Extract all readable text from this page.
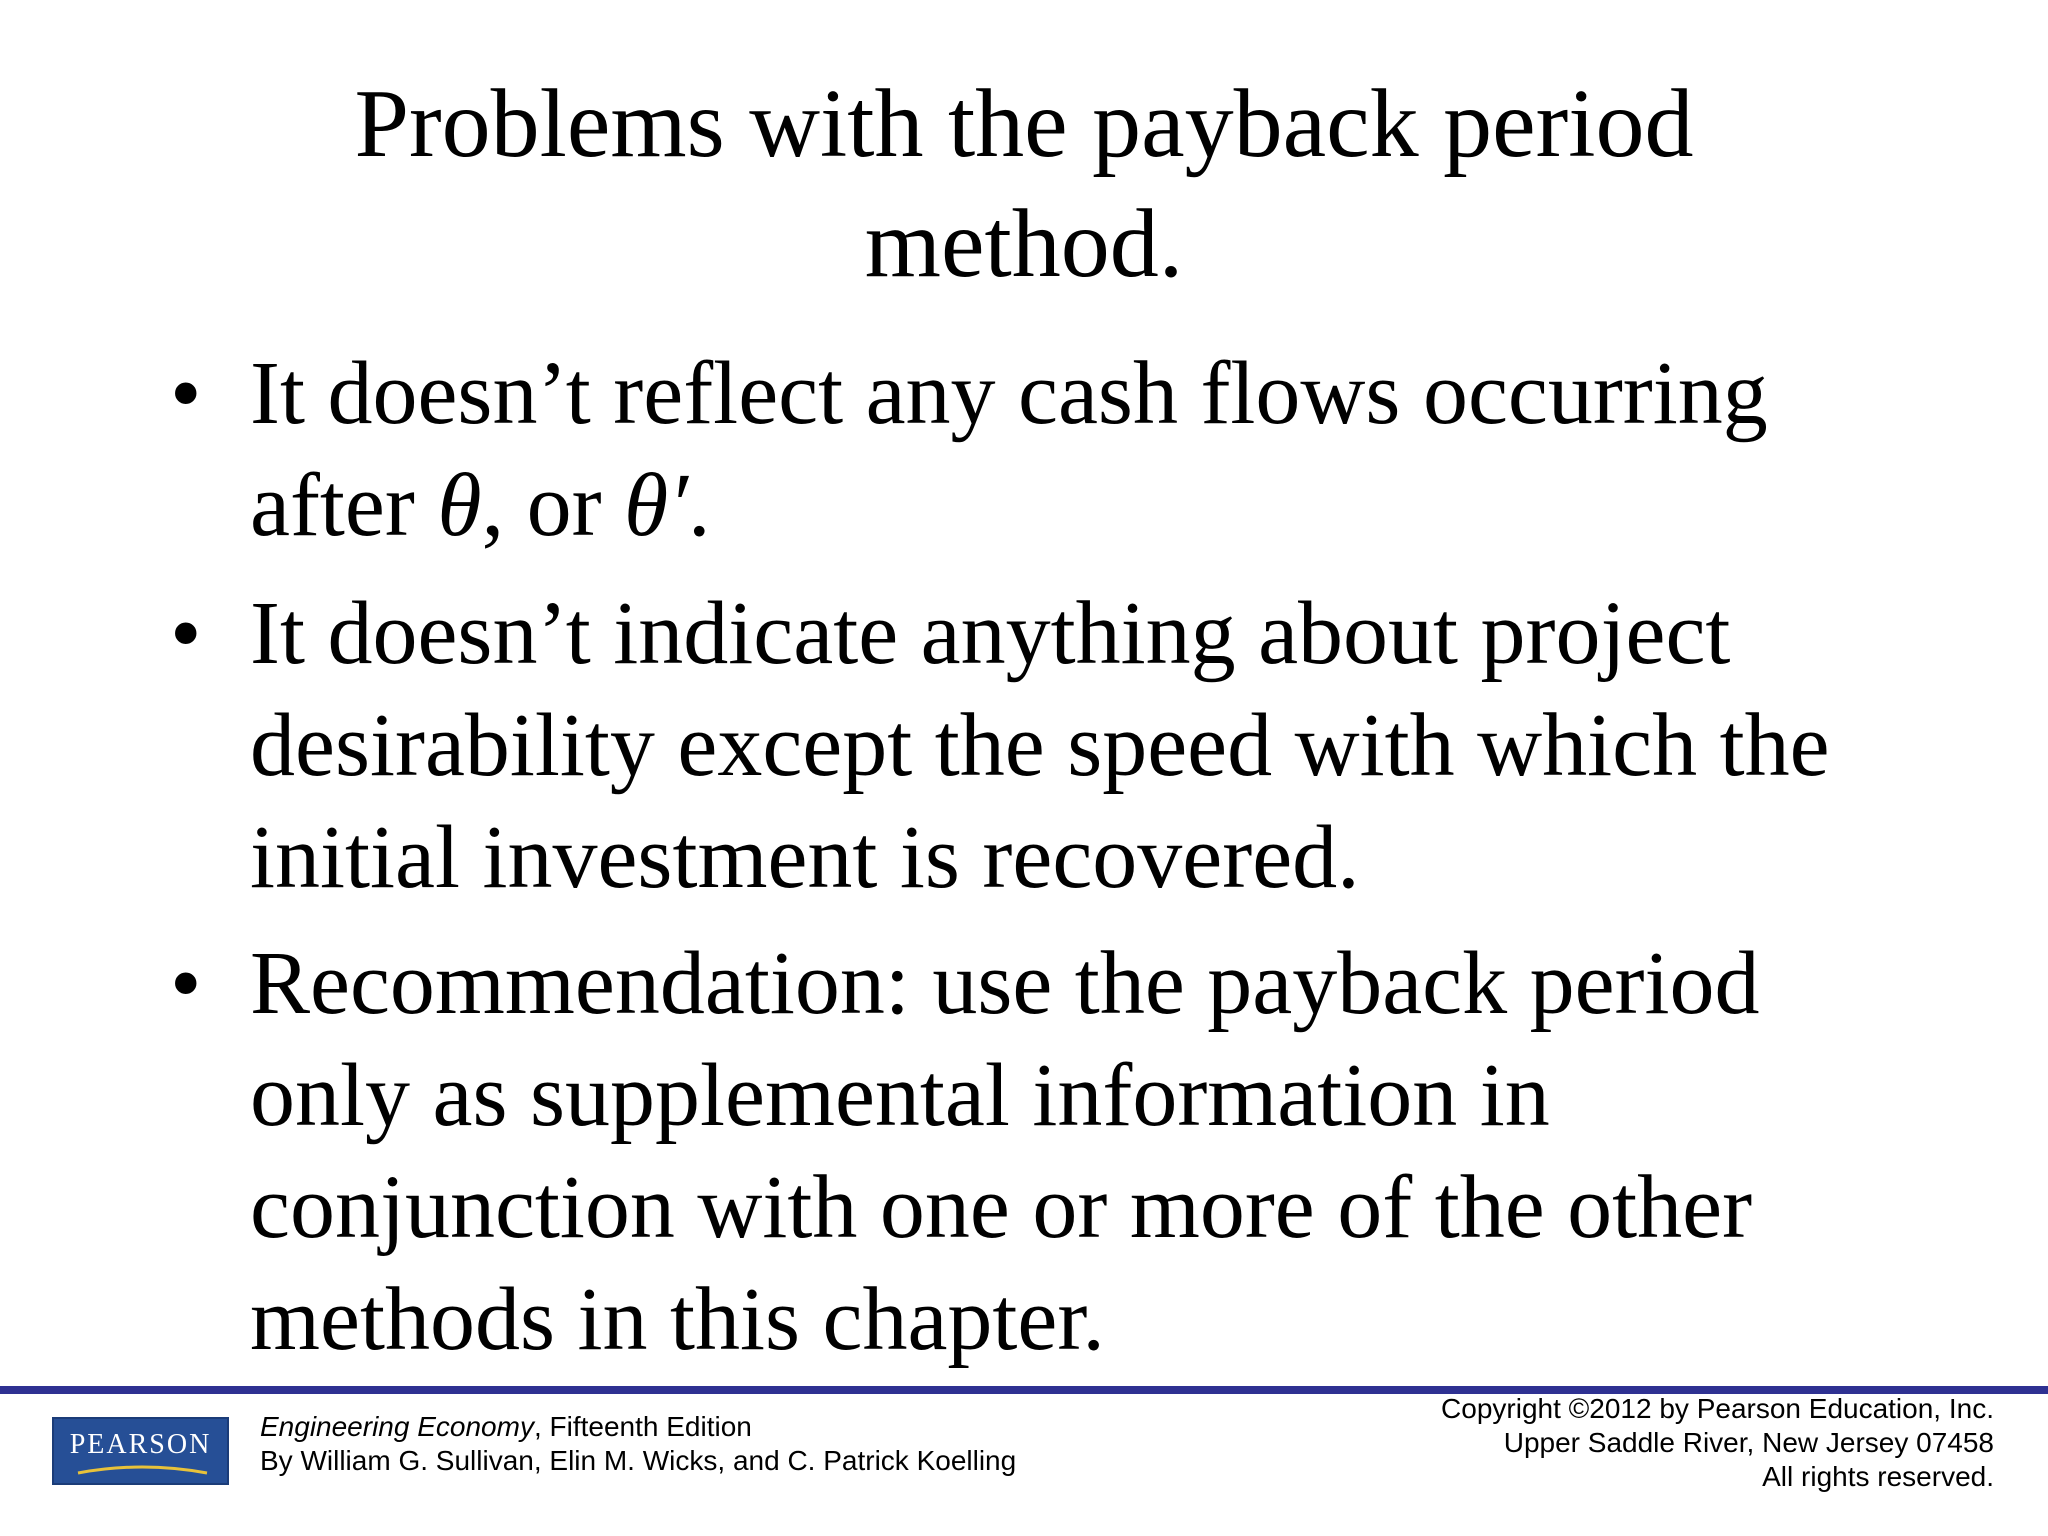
Problems with the payback period method.
• It doesn’t reflect any cash flows occurring after θ, or θ′.
• It doesn’t indicate anything about project desirability except the speed with which the initial investment is recovered.
• Recommendation: use the payback period only as supplemental information in conjunction with one or more of the other methods in this chapter.
PEARSON
Engineering Economy, Fifteenth Edition
By William G. Sullivan, Elin M. Wicks, and C. Patrick Koelling
Copyright ©2012 by Pearson Education, Inc.
Upper Saddle River, New Jersey 07458
All rights reserved.
